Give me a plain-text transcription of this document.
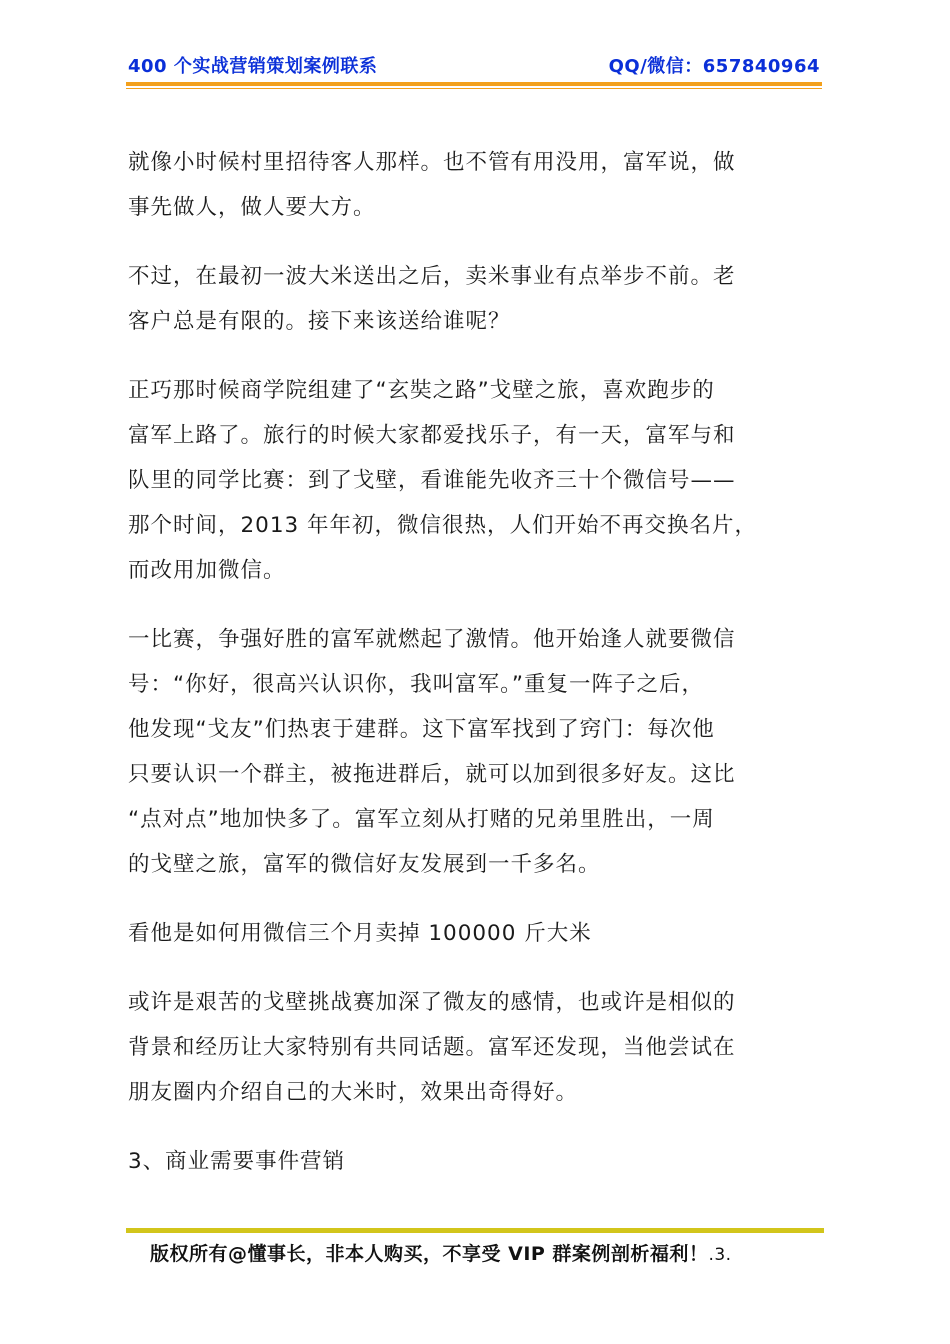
400 个实战营销策划案例联系	QQ/微信：657840964
就像小时候村里招待客人那样。也不管有用没用，富军说，做
事先做人，做人要大方。
不过，在最初一波大米送出之后，卖米事业有点举步不前。老
客户总是有限的。接下来该送给谁呢？
正巧那时候商学院组建了“玄奘之路”戈壁之旅，喜欢跑步的
富军上路了。旅行的时候大家都爱找乐子，有一天，富军与和
队里的同学比赛：到了戈壁，看谁能先收齐三十个微信号——
那个时间，2013 年年初，微信很热，人们开始不再交换名片，
而改用加微信。
一比赛，争强好胜的富军就燃起了激情。他开始逢人就要微信
号：“你好，很高兴认识你，我叫富军。”重复一阵子之后，
他发现“戈友”们热衷于建群。这下富军找到了窍门：每次他
只要认识一个群主，被拖进群后，就可以加到很多好友。这比
“点对点”地加快多了。富军立刻从打赌的兄弟里胜出，一周
的戈壁之旅，富军的微信好友发展到一千多名。
看他是如何用微信三个月卖掉 100000 斤大米
或许是艰苦的戈壁挑战赛加深了微友的感情，也或许是相似的
背景和经历让大家特别有共同话题。富军还发现，当他尝试在
朋友圈内介绍自己的大米时，效果出奇得好。
3、商业需要事件营销
版权所有@懂事长，非本人购买，不享受 VIP 群案例剖析福利！.3.
